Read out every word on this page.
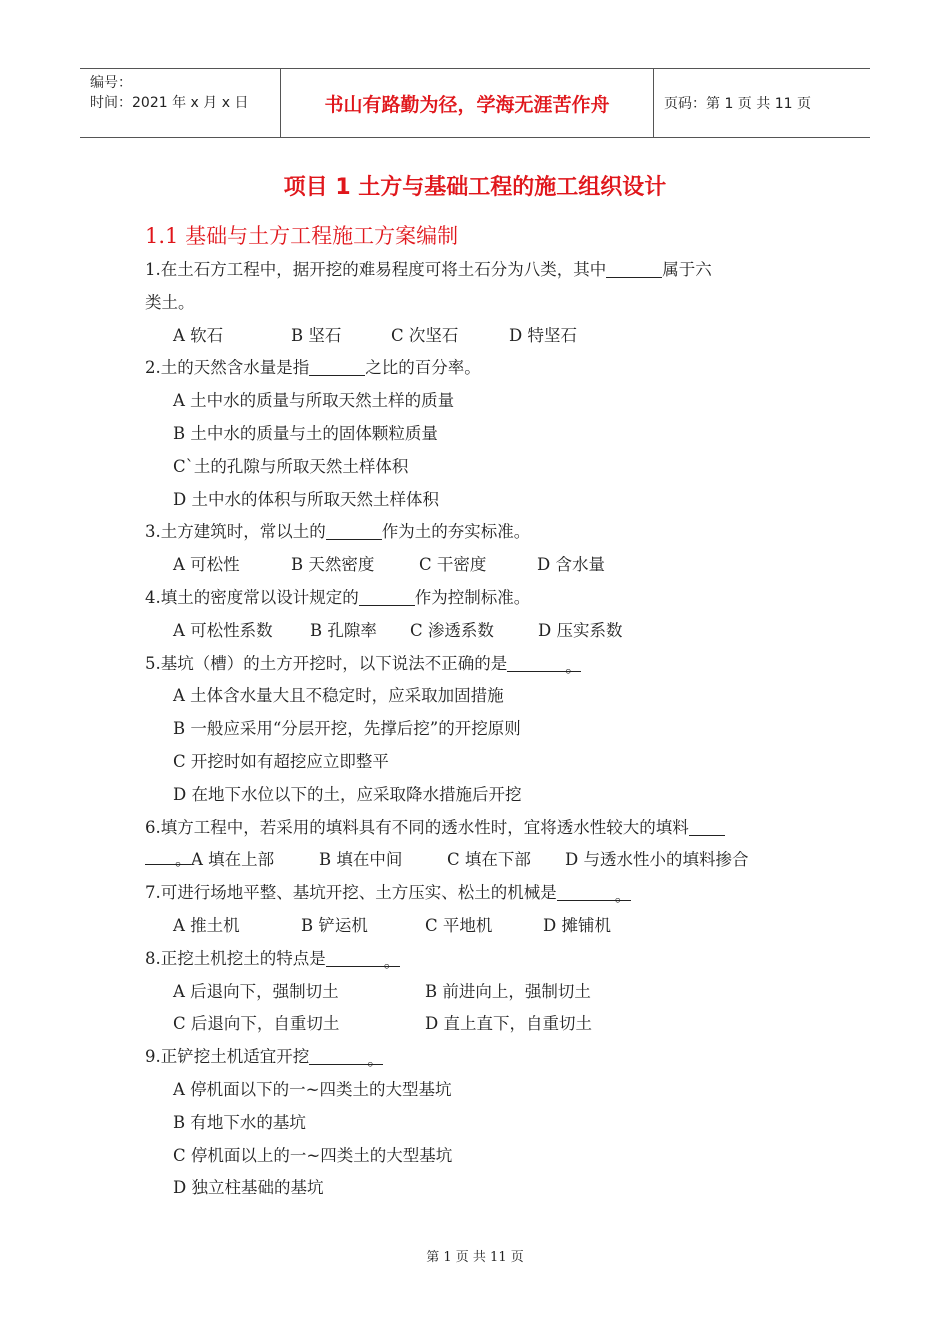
编号：
时间：2021 年 x 月 x 日	书山有路勤为径，学海无涯苦作舟	页码：第 1 页 共 11 页
项目 1 土方与基础工程的施工组织设计
1.1 基础与土方工程施工方案编制
1.在土石方工程中，据开挖的难易程度可将土石分为八类，其中	属于六
类土。
A 软石	B 坚石	C 次坚石	D 特坚石
2.土的天然含水量是指	之比的百分率。
A 土中水的质量与所取天然土样的质量
B 土中水的质量与土的固体颗粒质量
C`土的孔隙与所取天然土样体积
D 土中水的体积与所取天然土样体积
3.土方建筑时，常以土的	作为土的夯实标准。
A 可松性	B 天然密度	C 干密度	D 含水量
4.填土的密度常以设计规定的	作为控制标准。
A 可松性系数	B 孔隙率	C 渗透系数	D 压实系数
5.基坑（槽）的土方开挖时，以下说法不正确的是	。
A 土体含水量大且不稳定时，应采取加固措施
B 一般应采用“分层开挖，先撑后挖”的开挖原则
C 开挖时如有超挖应立即整平
D 在地下水位以下的土，应采取降水措施后开挖
6.填方工程中，若采用的填料具有不同的透水性时，宜将透水性较大的填料
。 A 填在上部	B 填在中间	C 填在下部	D 与透水性小的填料掺合
7.可进行场地平整、基坑开挖、土方压实、松土的机械是	。
A 推土机	B 铲运机	C 平地机	D 摊铺机
8.正挖土机挖土的特点是	。
A 后退向下，强制切土	B 前进向上，强制切土
C 后退向下，自重切土	D 直上直下，自重切土
9.正铲挖土机适宜开挖	。
A 停机面以下的一~四类土的大型基坑
B 有地下水的基坑
C 停机面以上的一~四类土的大型基坑
D 独立柱基础的基坑
第 1 页 共 11 页
